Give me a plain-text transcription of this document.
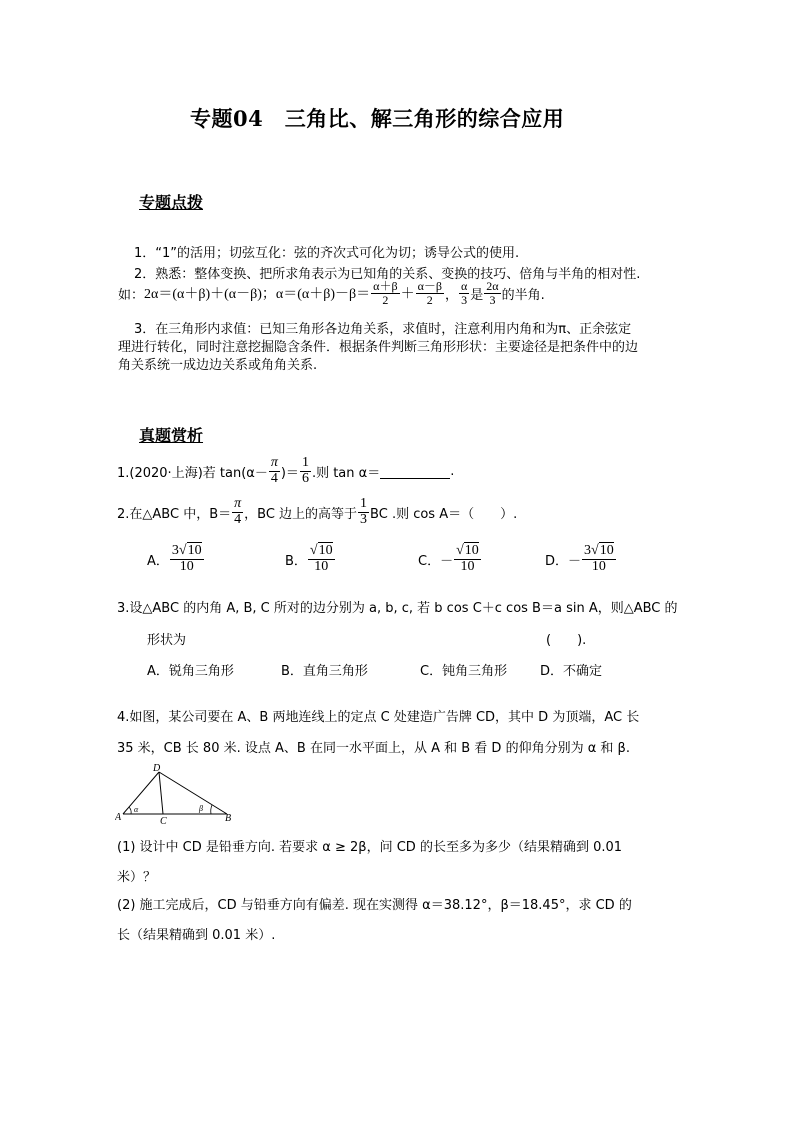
专题04　三角比、解三角形的综合应用
专题点拨
1．“1”的活用；切弦互化：弦的齐次式可化为切；诱导公式的使用.
2．熟悉：整体变换、把所求角表示为已知角的关系、变换的技巧、倍角与半角的相对性.
如： 2α＝(α＋β)＋(α－β)；$\alpha=(\alpha+\beta)-\beta= \frac{\alpha+\beta}{2} + \frac{\alpha-\beta}{2}$ ， $\frac{\alpha}{3}$ 是 $\frac{2\alpha}{3}$ 的半角.
3．在三角形内求值：已知三角形各边角关系，求值时，注意利用内角和为π、正余弦定
理进行转化，同时注意挖掘隐含条件．根据条件判断三角形形状：主要途径是把条件中的边
角关系统一成边边关系或角角关系.
真题赏析
1.(2020·上海)若 $\tan(\alpha- \frac{\pi}{4}$ )＝ $\frac{1}{6}$ .则 tan α＝	.
2.在△ABC 中，$B= \frac{\pi}{4}$ ，BC 边上的高等于 $\frac{1}{3}$ BC .则 cos A＝（　　）.
A． $\frac{3√10}{10}$	B． $\frac{√10}{10}$	C． － $\frac{√10}{10}$	D． － $\frac{3√10}{10}$
3.设△ABC 的内角 A, B, C 所对的边分别为 a, b, c, 若 b cos C＋c cos B＝a sin A，则△ABC 的
形状为	(　　).
A．锐角三角形	B．直角三角形	C．钝角三角形	D．不确定
4.如图，某公司要在 A、B 两地连线上的定点 C 处建造广告牌 CD，其中 D 为顶端，AC 长
35 米，CB 长 80 米. 设点 A、B 在同一水平面上，从 A 和 B 看 D 的仰角分别为 α 和 β.
A	B
C
D
α	β
(1) 设计中 CD 是铅垂方向. 若要求 α ≥ 2β，问 CD 的长至多为多少（结果精确到 0.01
米）？
(2) 施工完成后，CD 与铅垂方向有偏差. 现在实测得 α＝38.12°，β＝18.45°，求 CD 的
长（结果精确到 0.01 米）.
